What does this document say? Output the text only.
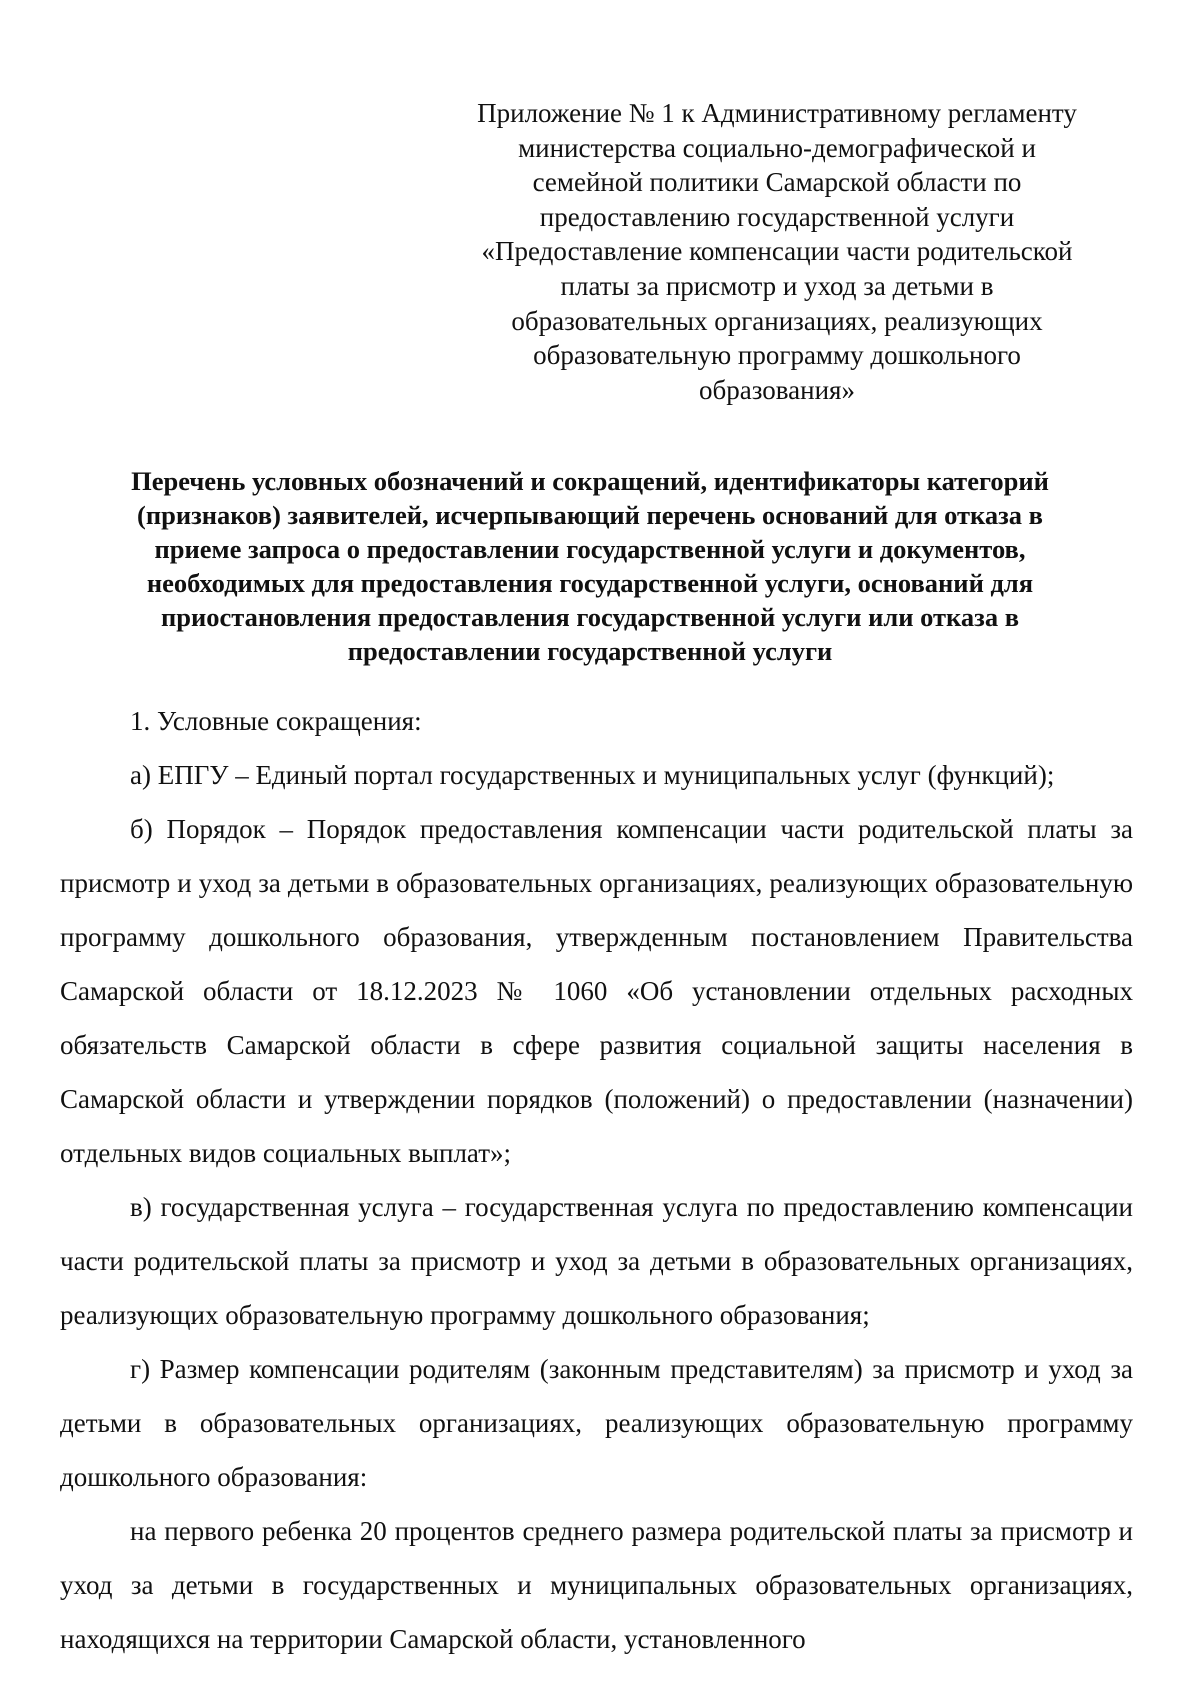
Приложение № 1 к Административному регламенту
министерства социально-демографической и
семейной политики Самарской области по
предоставлению государственной услуги
«Предоставление компенсации части родительской
платы за присмотр и уход за детьми в
образовательных организациях, реализующих
образовательную программу дошкольного
образования»
Перечень условных обозначений и сокращений, идентификаторы категорий
(признаков) заявителей, исчерпывающий перечень оснований для отказа в
приеме запроса о предоставлении государственной услуги и документов,
необходимых для предоставления государственной услуги, оснований для
приостановления предоставления государственной услуги или отказа в
предоставлении государственной услуги

1. Условные сокращения:

а) ЕПГУ – Единый портал государственных и муниципальных услуг (функций);

б) Порядок – Порядок предоставления компенсации части родительской платы за присмотр и уход за детьми в образовательных организациях, реализующих образовательную программу дошкольного образования, утвержденным постановлением Правительства Самарской области от 18.12.2023 № 1060 «Об установлении отдельных расходных обязательств Самарской области в сфере развития социальной защиты населения в Самарской области и утверждении порядков (положений) о предоставлении (назначении) отдельных видов социальных выплат»;

в) государственная услуга – государственная услуга по предоставлению компенсации части родительской платы за присмотр и уход за детьми в образовательных организациях, реализующих образовательную программу дошкольного образования;

г) Размер компенсации родителям (законным представителям) за присмотр и уход за детьми в образовательных организациях, реализующих образовательную программу дошкольного образования:

на первого ребенка 20 процентов среднего размера родительской платы за присмотр и уход за детьми в государственных и муниципальных образовательных организациях, находящихся на территории Самарской области, установленного
